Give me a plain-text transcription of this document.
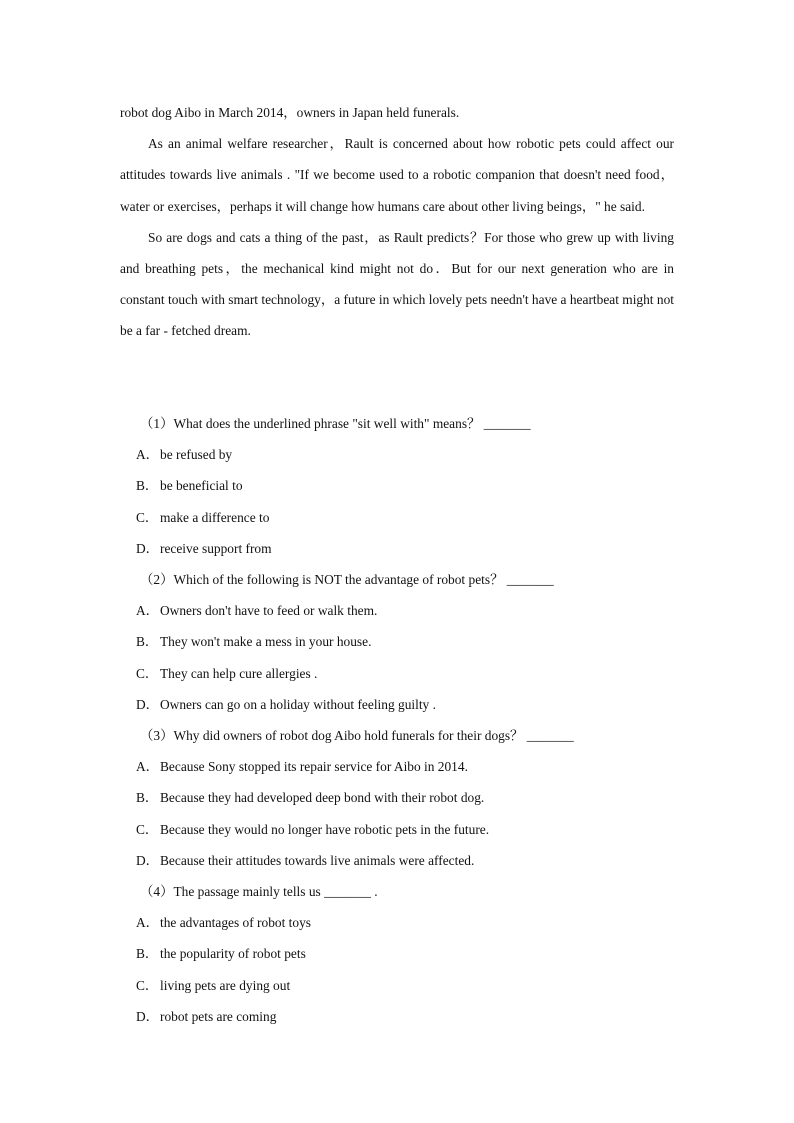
robot dog Aibo in March 2014，owners in Japan held funerals.

As an animal welfare researcher，Rault is concerned about how robotic pets could affect our attitudes towards live animals . "If we become used to a robotic companion that doesn't need food，water or exercises，perhaps it will change how humans care about other living beings，" he said.

So are dogs and cats a thing of the past，as Rault predicts？For those who grew up with living and breathing pets，the mechanical kind might not do．But for our next generation who are in constant touch with smart technology，a future in which lovely pets needn't have a heartbeat might not be a far - fetched dream.

（1）What does the underlined phrase "sit well with" means？ _______
A．be refused by
B． be beneficial to
C． make a difference to
D．receive support from
（2）Which of the following is NOT the advantage of robot pets？ _______
A．Owners don't have to feed or walk them.
B． They won't make a mess in your house.
C． They can help cure allergies .
D．Owners can go on a holiday without feeling guilty .
（3）Why did owners of robot dog Aibo hold funerals for their dogs？ _______
A．Because Sony stopped its repair service for Aibo in 2014.
B． Because they had developed deep bond with their robot dog.
C． Because they would no longer have robotic pets in the future.
D．Because their attitudes towards live animals were affected.
（4）The passage mainly tells us _______ .
A．the advantages of robot toys
B． the popularity of robot pets
C． living pets are dying out
D．robot pets are coming
